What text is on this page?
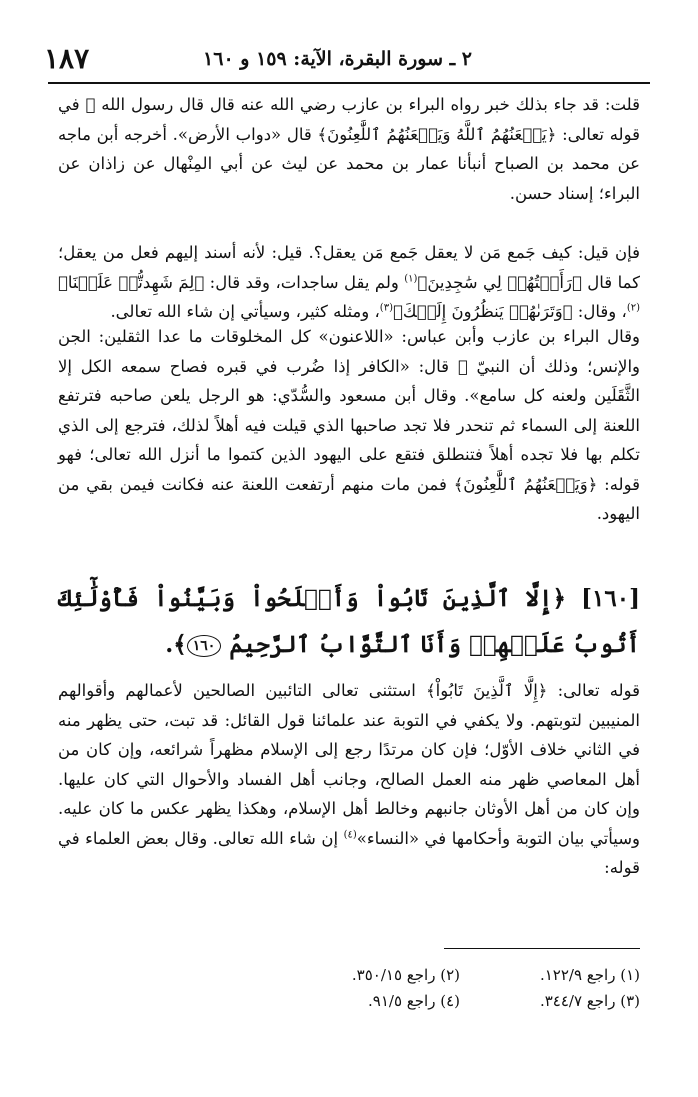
٢ ـ سورة البقرة، الآية: ١٥٩ و ١٦٠
١٨٧
قلت: قد جاء بذلك خبر رواه البراء بن عازب رضي الله عنه قال قال رسول الله ﷺ في قوله تعالى: ﴿يَلۡعَنُهُمُ ٱللَّهُ وَيَلۡعَنُهُمُ ٱللَّٰعِنُونَ﴾ قال «دواب الأرض». أخرجه أبن ماجه عن محمد بن الصباح أنبأنا عمار بن محمد عن ليث عن أبي المِنْهال عن زاذان عن البراء؛ إسناد حسن.
فإن قيل: كيف جَمع مَن لا يعقل جَمع مَن يعقل؟. قيل: لأنه أسند إليهم فعل من يعقل؛ كما قال ﴿رَأَيۡتُهُمۡ لِي سَٰجِدِينَ﴾$^{(١)}$ ولم يقل ساجدات، وقد قال: ﴿لِمَ شَهِدتُّمۡ عَلَيۡنَا﴾$^{(٢)}$، وقال: ﴿وَتَرَىٰهُمۡ يَنظُرُونَ إِلَيۡكَ﴾$^{(٣)}$، ومثله كثير، وسيأتي إن شاء الله تعالى.
وقال البراء بن عازب وأبن عباس: «اللاعنون» كل المخلوقات ما عدا الثقلين: الجن والإنس؛ وذلك أن النبيّ ﷺ قال: «الكافر إذا ضُرب في قبره فصاح سمعه الكل إلا الثَّقَلَين ولعنه كل سامع». وقال أبن مسعود والسُّدّي: هو الرجل يلعن صاحبه فترتفع اللعنة إلى السماء ثم تنحدر فلا تجد صاحبها الذي قيلت فيه أهلاً لذلك، فترجع إلى الذي تكلم بها فلا تجده أهلاً فتنطلق فتقع على اليهود الذين كتموا ما أنزل الله تعالى؛ فهو قوله: ﴿وَيَلۡعَنُهُمُ ٱللَّٰعِنُونَ﴾ فمن مات منهم أرتفعت اللعنة عنه فكانت فيمن بقي من اليهود.
[١٦٠] ﴿إِلَّا ٱلَّذِينَ تَابُواْ وَأَصۡلَحُواْ وَبَيَّنُواْ فَأُوْلَٰٓئِكَ أَتُوبُ عَلَيۡهِمۡ وَأَنَا ٱلتَّوَّابُ ٱلرَّحِيمُ ١٦٠﴾.
قوله تعالى: ﴿إِلَّا ٱلَّذِينَ تَابُواْ﴾ استثنى تعالى التائبين الصالحين لأعمالهم وأقوالهم المنيبين لتوبتهم. ولا يكفي في التوبة عند علمائنا قول القائل: قد تبت، حتى يظهر منه في الثاني خلاف الأوّل؛ فإن كان مرتدًا رجع إلى الإسلام مظهراً شرائعه، وإن كان من أهل المعاصي ظهر منه العمل الصالح، وجانب أهل الفساد والأحوال التي كان عليها. وإن كان من أهل الأوثان جانبهم وخالط أهل الإسلام، وهكذا يظهر عكس ما كان عليه. وسيأتي بيان التوبة وأحكامها في «النساء»$^{(٤)}$ إن شاء الله تعالى. وقال بعض العلماء في قوله:
(١) راجع ١٢٢/٩.
(٢) راجع ٣٥٠/١٥.
(٣) راجع ٣٤٤/٧.
(٤) راجع ٩١/٥.
